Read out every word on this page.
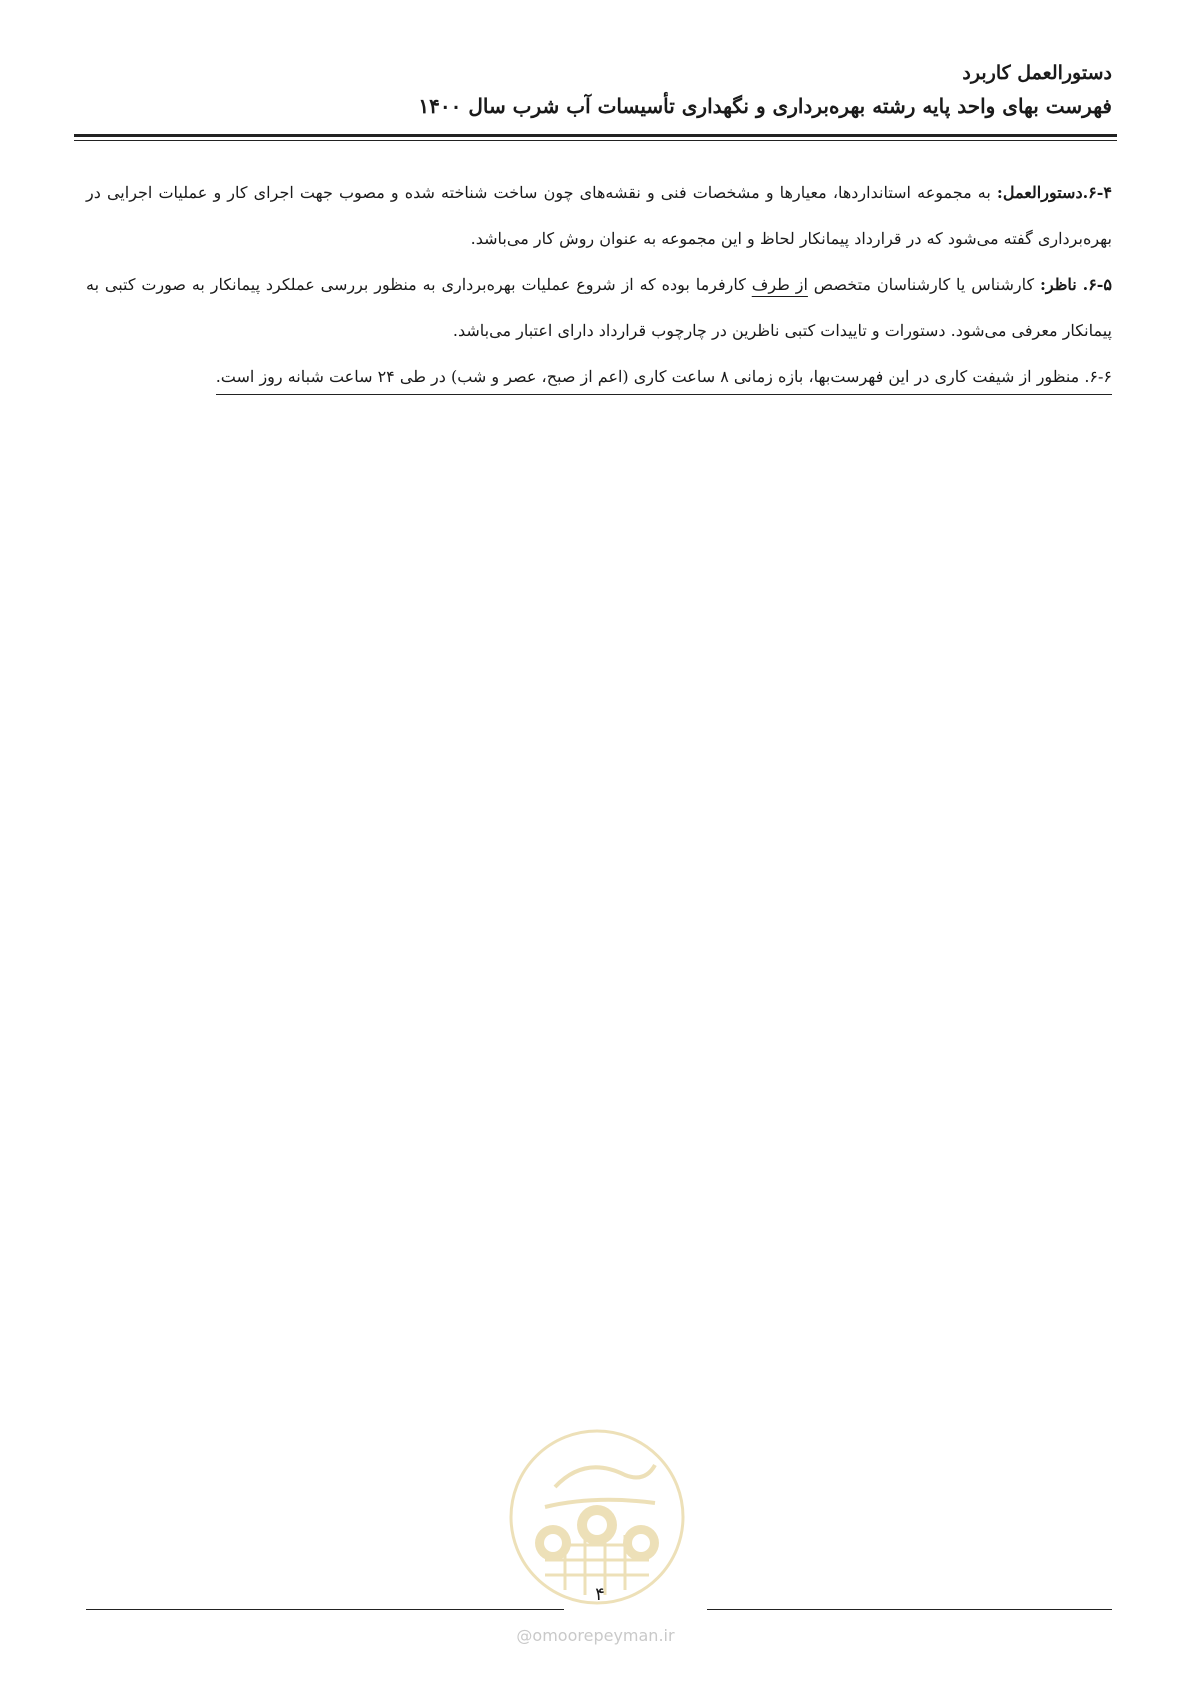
دستورالعمل کاربرد
فهرست بهای واحد پایه رشته بهره‌برداری و نگهداری تأسیسات آب شرب سال ۱۴۰۰

۶-۴.دستورالعمل: به مجموعه استانداردها، معیارها و مشخصات فنی و نقشه‌های چون ساخت شناخته شده و مصوب جهت اجرای کار و عملیات اجرایی در بهره‌برداری گفته می‌شود که در قرارداد پیمانکار لحاظ و این مجموعه به عنوان روش کار می‌باشد.

۶-۵. ناظر: کارشناس یا کارشناسان متخصص از طرف کارفرما بوده که از شروع عملیات بهره‌برداری به منظور بررسی عملکرد پیمانکار به صورت کتبی به پیمانکار معرفی می‌شود. دستورات و تاییدات کتبی ناظرین در چارچوب قرارداد دارای اعتبار می‌باشد.

۶-۶. منظور از شیفت کاری در این فهرست‌بها، بازه زمانی ۸ ساعت کاری (اعم از صبح، عصر و شب) در طی ۲۴ ساعت شبانه روز است.

۴
@omoorepeyman.ir
